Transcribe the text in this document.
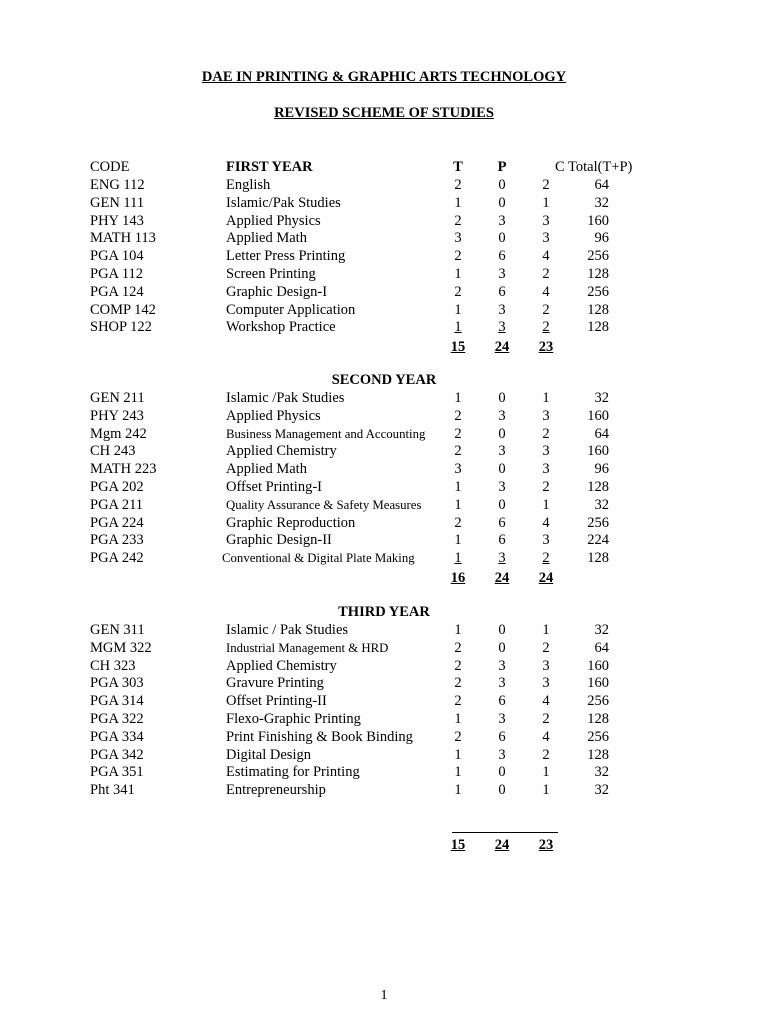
DAE IN PRINTING & GRAPHIC ARTS TECHNOLOGY
REVISED SCHEME OF STUDIES
CODE	FIRST YEAR	T	P	C Total(T+P)
ENG 112	English	2	0	2	64
GEN 111	Islamic/Pak Studies	1	0	1	32
PHY 143	Applied Physics	2	3	3	160
MATH 113	Applied Math	3	0	3	96
PGA 104	Letter Press Printing	2	6	4	256
PGA 112	Screen Printing	1	3	2	128
PGA 124	Graphic Design-I	2	6	4	256
COMP 142	Computer Application	1	3	2	128
SHOP 122	Workshop Practice	1	3	2	128
15	24	23
GEN 211	Islamic /Pak Studies	1	0	1	32
PHY 243	Applied Physics	2	3	3	160
Mgm 242	Business Management and Accounting	2	0	2	64
CH 243	Applied Chemistry	2	3	3	160
MATH 223	Applied Math	3	0	3	96
PGA 202	Offset Printing-I	1	3	2	128
PGA 211	Quality Assurance & Safety Measures	1	0	1	32
PGA 224	Graphic Reproduction	2	6	4	256
PGA 233	Graphic Design-II	1	6	3	224
PGA 242	Conventional & Digital Plate Making	1	3	2	128
16	24	24
SECOND YEAR
GEN 311	Islamic / Pak Studies	1	0	1	32
MGM 322	Industrial Management & HRD	2	0	2	64
CH 323	Applied Chemistry	2	3	3	160
PGA 303	Gravure Printing	2	3	3	160
PGA 314	Offset Printing-II	2	6	4	256
PGA 322	Flexo-Graphic Printing	1	3	2	128
PGA 334	Print Finishing & Book Binding	2	6	4	256
PGA 342	Digital Design	1	3	2	128
PGA 351	Estimating for Printing	1	0	1	32
Pht 341	Entrepreneurship	1	0	1	32
15	24	23
THIRD YEAR
1
